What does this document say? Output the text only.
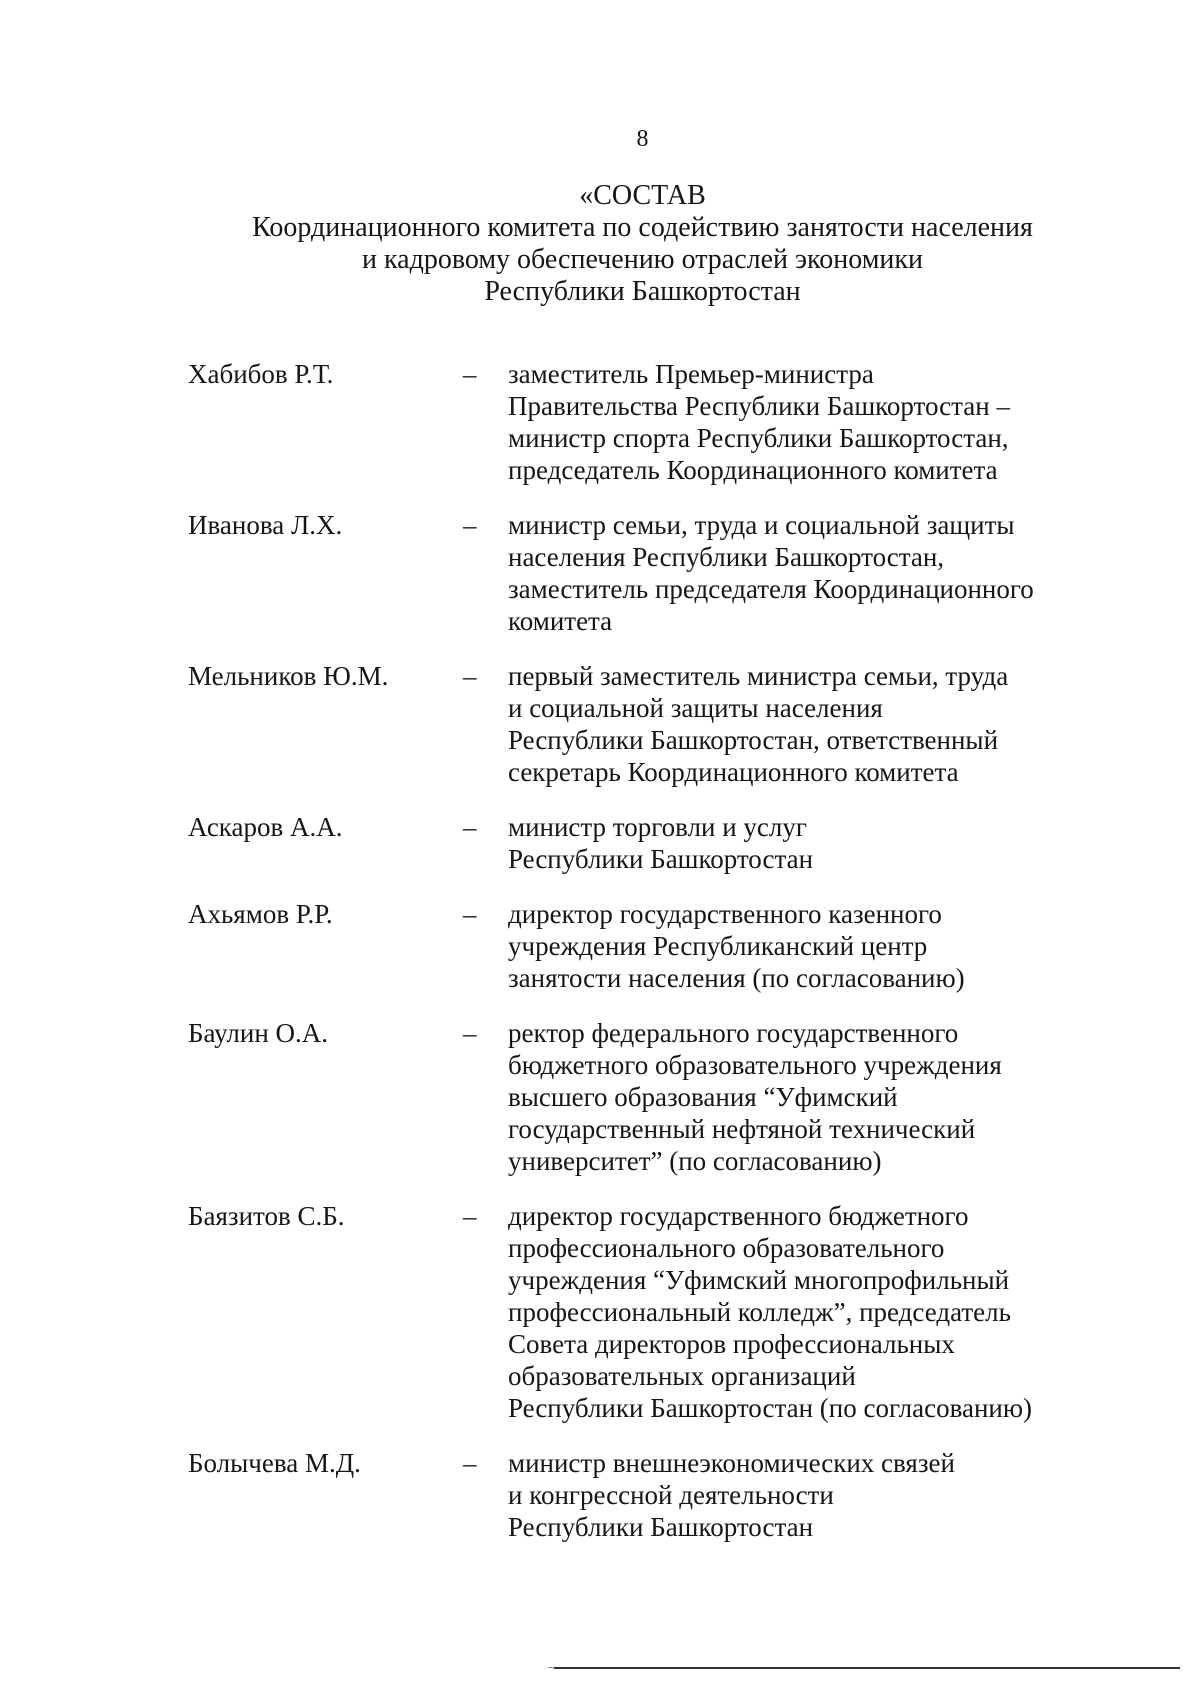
8
«СОСТАВ
Координационного комитета по содействию занятости населения
и кадровому обеспечению отраслей экономики
Республики Башкортостан
Хабибов Р.Т.	–	заместитель Премьер-министра
Правительства Республики Башкортостан –
министр спорта Республики Башкортостан,
председатель Координационного комитета
Иванова Л.Х.	–	министр семьи, труда и социальной защиты
населения Республики Башкортостан,
заместитель председателя Координационного
комитета
Мельников Ю.М.	–	первый заместитель министра семьи, труда
и социальной защиты населения
Республики Башкортостан, ответственный
секретарь Координационного комитета
Аскаров А.А.	–	министр торговли и услуг
Республики Башкортостан
Ахьямов Р.Р.	–	директор государственного казенного
учреждения Республиканский центр
занятости населения (по согласованию)
Баулин О.А.	–	ректор федерального государственного
бюджетного образовательного учреждения
высшего образования “Уфимский
государственный нефтяной технический
университет” (по согласованию)
Баязитов С.Б.	–	директор государственного бюджетного
профессионального образовательного
учреждения “Уфимский многопрофильный
профессиональный колледж”, председатель
Совета директоров профессиональных
образовательных организаций
Республики Башкортостан (по согласованию)
Болычева М.Д.	–	министр внешнеэкономических связей
и конгрессной деятельности
Республики Башкортостан
